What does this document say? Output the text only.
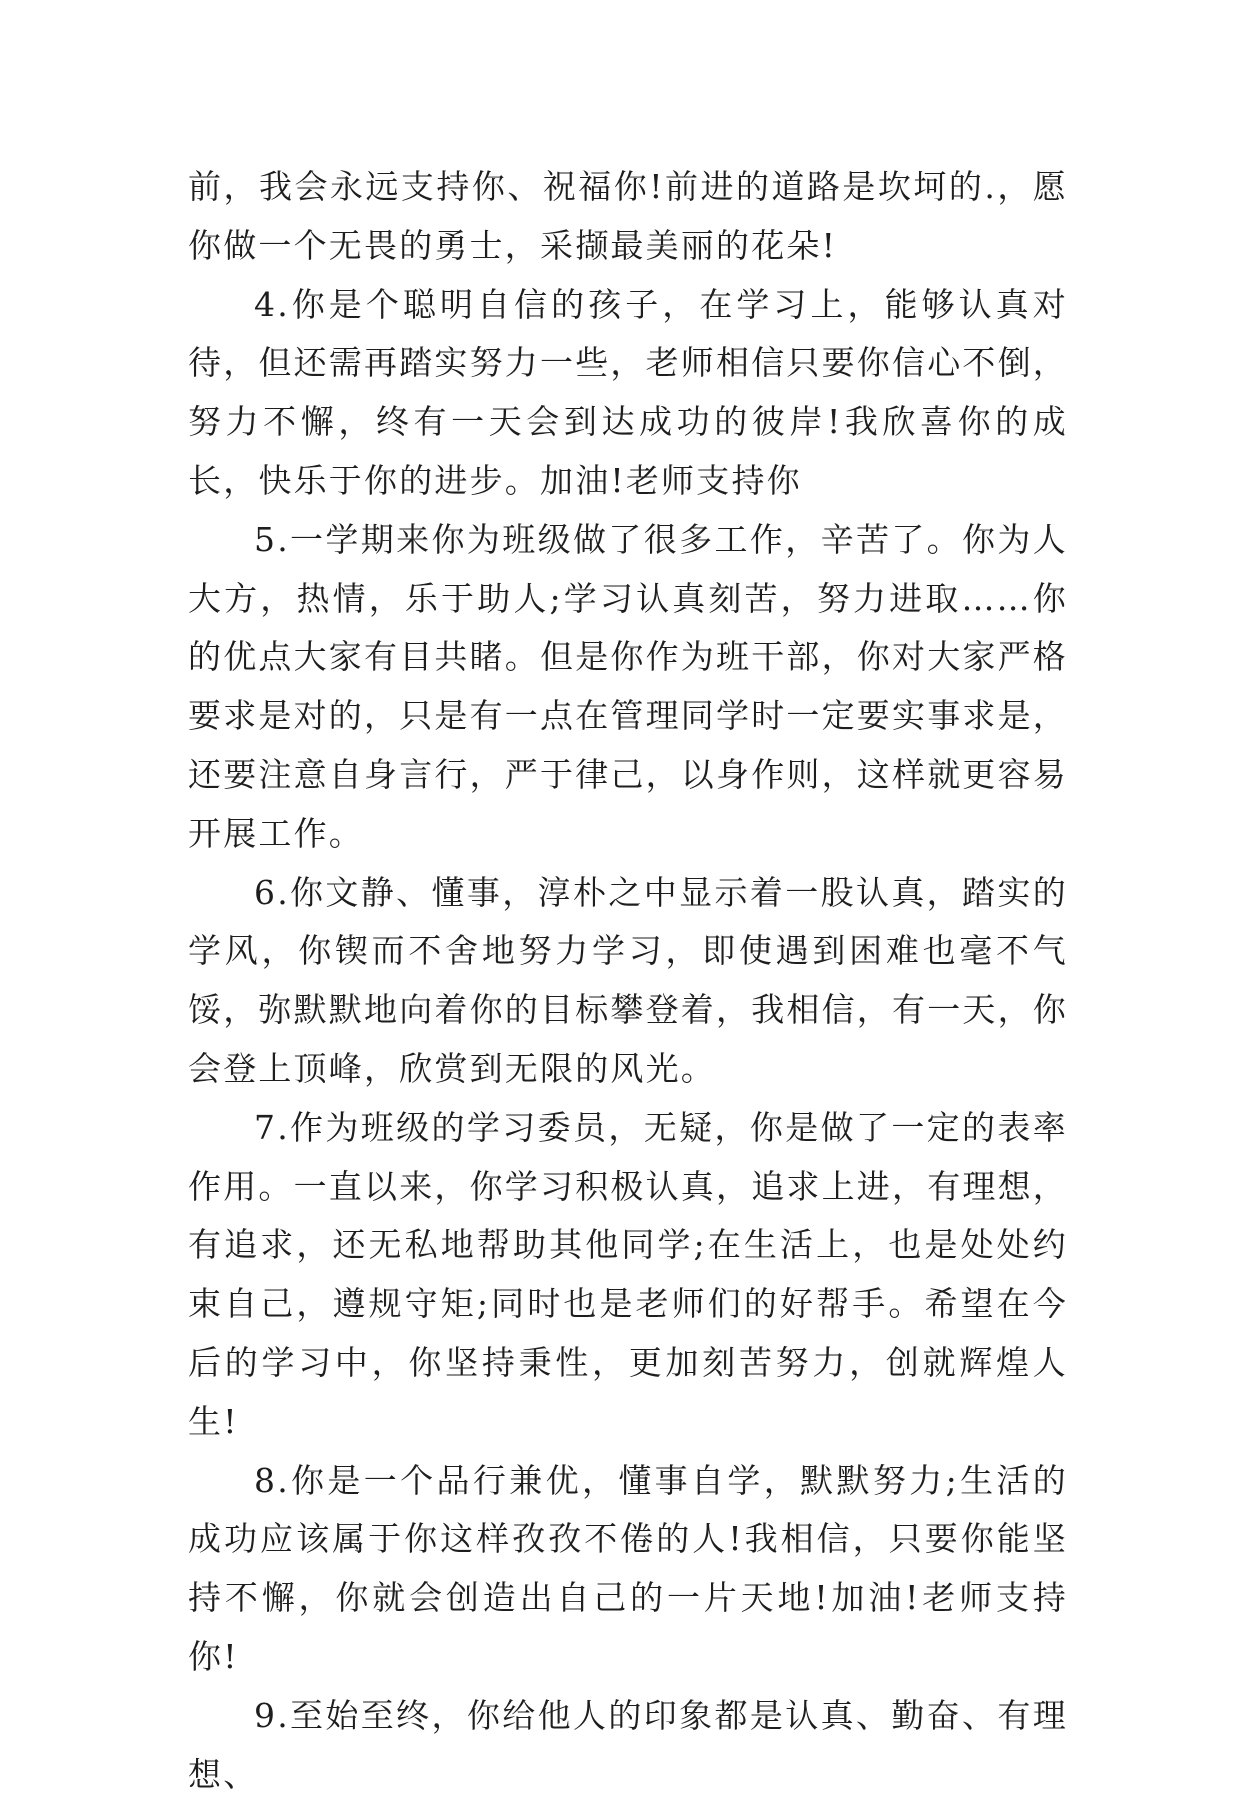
前，我会永远支持你、祝福你!前进的道路是坎坷的.，愿你做一个无畏的勇士，采撷最美丽的花朵!

4.你是个聪明自信的孩子，在学习上，能够认真对待，但还需再踏实努力一些，老师相信只要你信心不倒，努力不懈，终有一天会到达成功的彼岸!我欣喜你的成长，快乐于你的进步。加油!老师支持你

5.一学期来你为班级做了很多工作，辛苦了。你为人大方，热情，乐于助人;学习认真刻苦，努力进取……你的优点大家有目共睹。但是你作为班干部，你对大家严格要求是对的，只是有一点在管理同学时一定要实事求是，还要注意自身言行，严于律己，以身作则，这样就更容易开展工作。

6.你文静、懂事，淳朴之中显示着一股认真，踏实的学风，你锲而不舍地努力学习，即使遇到困难也毫不气馁，弥默默地向着你的目标攀登着，我相信，有一天，你会登上顶峰，欣赏到无限的风光。

7.作为班级的学习委员，无疑，你是做了一定的表率作用。一直以来，你学习积极认真，追求上进，有理想，有追求，还无私地帮助其他同学;在生活上，也是处处约束自己，遵规守矩;同时也是老师们的好帮手。希望在今后的学习中，你坚持秉性，更加刻苦努力，创就辉煌人生!

8.你是一个品行兼优，懂事自学，默默努力;生活的成功应该属于你这样孜孜不倦的人!我相信，只要你能坚持不懈，你就会创造出自己的一片天地!加油!老师支持你!

9.至始至终，你给他人的印象都是认真、勤奋、有理想、
